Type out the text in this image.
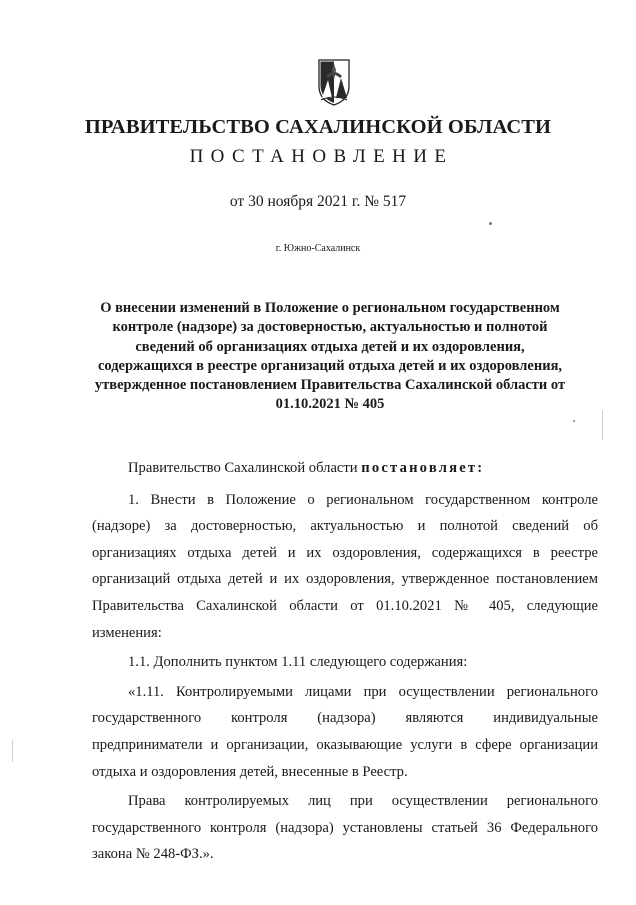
ПРАВИТЕЛЬСТВО САХАЛИНСКОЙ ОБЛАСТИ
ПОСТАНОВЛЕНИЕ
от 30 ноября 2021 г. № 517
г. Южно-Сахалинск
О внесении изменений в Положение о региональном государственном контроле (надзоре) за достоверностью, актуальностью и полнотой сведений об организациях отдыха детей и их оздоровления, содержащихся в реестре организаций отдыха детей и их оздоровления, утвержденное постановлением Правительства Сахалинской области от 01.10.2021 № 405

Правительство Сахалинской области постановляет:

1. Внести в Положение о региональном государственном контроле (надзоре) за достоверностью, актуальностью и полнотой сведений об организациях отдыха детей и их оздоровления, содержащихся в реестре организаций отдыха детей и их оздоровления, утвержденное постановлением Правительства Сахалинской области от 01.10.2021 № 405, следующие изменения:

1.1. Дополнить пунктом 1.11 следующего содержания:

«1.11. Контролируемыми лицами при осуществлении регионального государственного контроля (надзора) являются индивидуальные предприниматели и организации, оказывающие услуги в сфере организации отдыха и оздоровления детей, внесенные в Реестр.

Права контролируемых лиц при осуществлении регионального государственного контроля (надзора) установлены статьей 36 Федерального закона № 248-ФЗ.».
